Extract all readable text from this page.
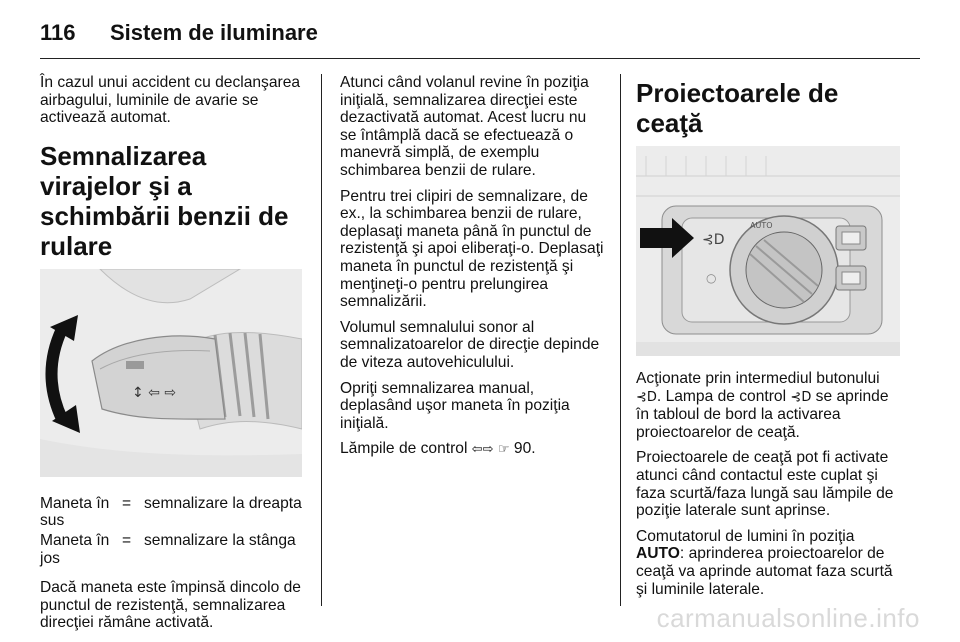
116	Sistem de iluminare

În cazul unui accident cu declanşarea airbagului, luminile de avarie se activează automat.

Semnalizarea virajelor şi a schimbării benzii de rulare
↕ ⇦ ⇨
Maneta în sus	=	semnalizare la dreapta
Maneta în jos	=	semnalizare la stânga

Dacă maneta este împinsă dincolo de punctul de rezistenţă, semnalizarea direcţiei rămâne activată.

Atunci când volanul revine în poziţia iniţială, semnalizarea direcţiei este dezactivată automat. Acest lucru nu se întâmplă dacă se efectuează o manevră simplă, de exemplu schimbarea benzii de rulare.

Pentru trei clipiri de semnalizare, de ex., la schimbarea benzii de rulare, deplasaţi maneta până în punctul de rezistenţă şi apoi eliberaţi-o. Deplasaţi maneta în punctul de rezistenţă şi menţineţi-o pentru prelungirea semnalizării.

Volumul semnalului sonor al semnalizatoarelor de direcţie depinde de viteza autovehiculului.

Opriţi semnalizarea manual, deplasând uşor maneta în poziţia iniţială.

Lămpile de control ⇦⇨ ☞ 90.

Proiectoarele de ceaţă
AUTO
⊰D
○

Acţionate prin intermediul butonului ⊰D. Lampa de control ⊰D se aprinde în tabloul de bord la activarea proiectoarelor de ceaţă.

Proiectoarele de ceaţă pot fi activate atunci când contactul este cuplat şi faza scurtă/faza lungă sau lămpile de poziţie laterale sunt aprinse.

Comutatorul de lumini în poziţia
AUTO: aprinderea proiectoarelor de ceaţă va aprinde automat faza scurtă şi luminile laterale.

carmanualsonline.info
